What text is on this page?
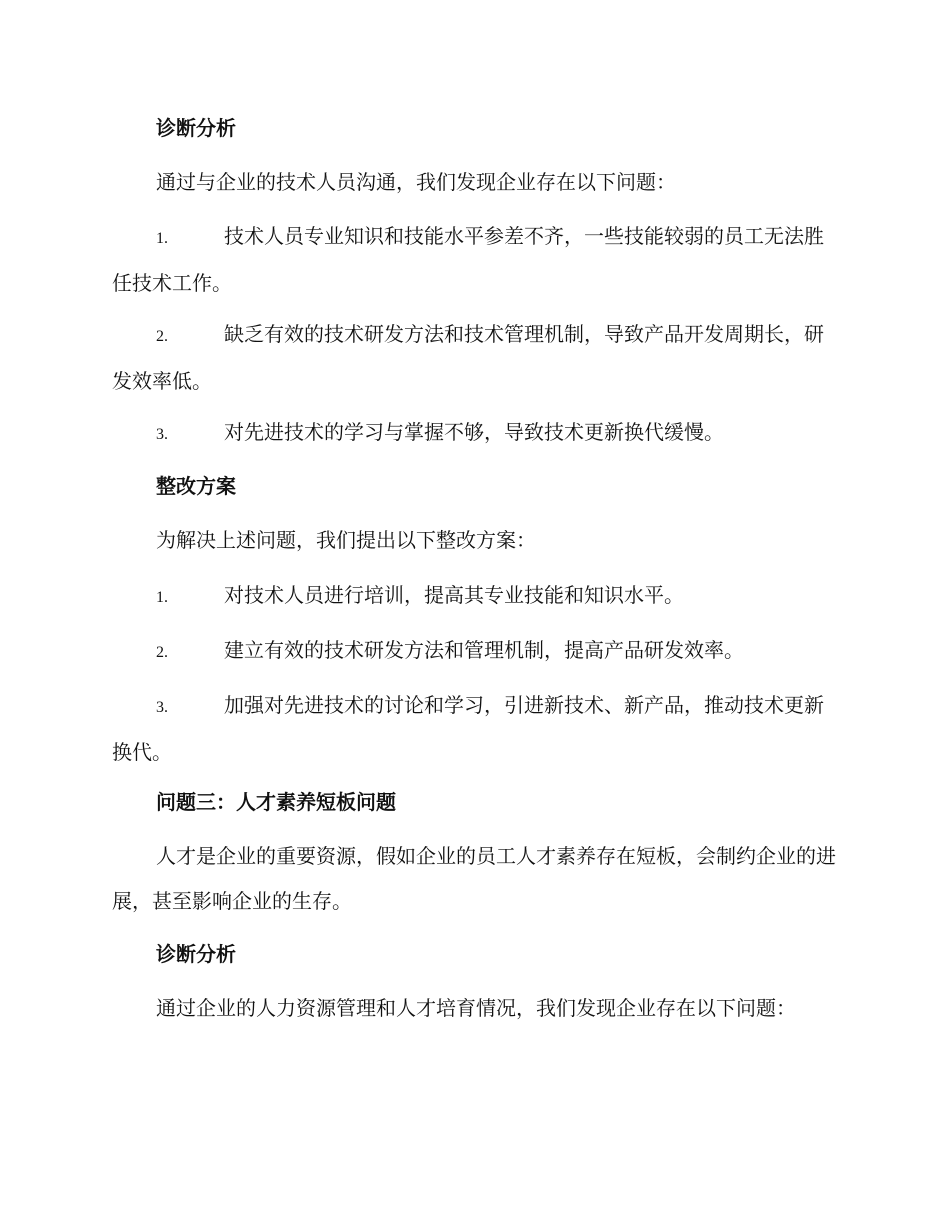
诊断分析

通过与企业的技术人员沟通，我们发现企业存在以下问题：

1.	技术人员专业知识和技能水平参差不齐，一些技能较弱的员工无法胜任技术工作。

2.	缺乏有效的技术研发方法和技术管理机制，导致产品开发周期长，研发效率低。

3.	对先进技术的学习与掌握不够，导致技术更新换代缓慢。

整改方案

为解决上述问题，我们提出以下整改方案：

1.	对技术人员进行培训，提高其专业技能和知识水平。

2.	建立有效的技术研发方法和管理机制，提高产品研发效率。

3.	加强对先进技术的讨论和学习，引进新技术、新产品，推动技术更新换代。

问题三：人才素养短板问题

人才是企业的重要资源，假如企业的员工人才素养存在短板，会制约企业的进展，甚至影响企业的生存。

诊断分析

通过企业的人力资源管理和人才培育情况，我们发现企业存在以下问题：
